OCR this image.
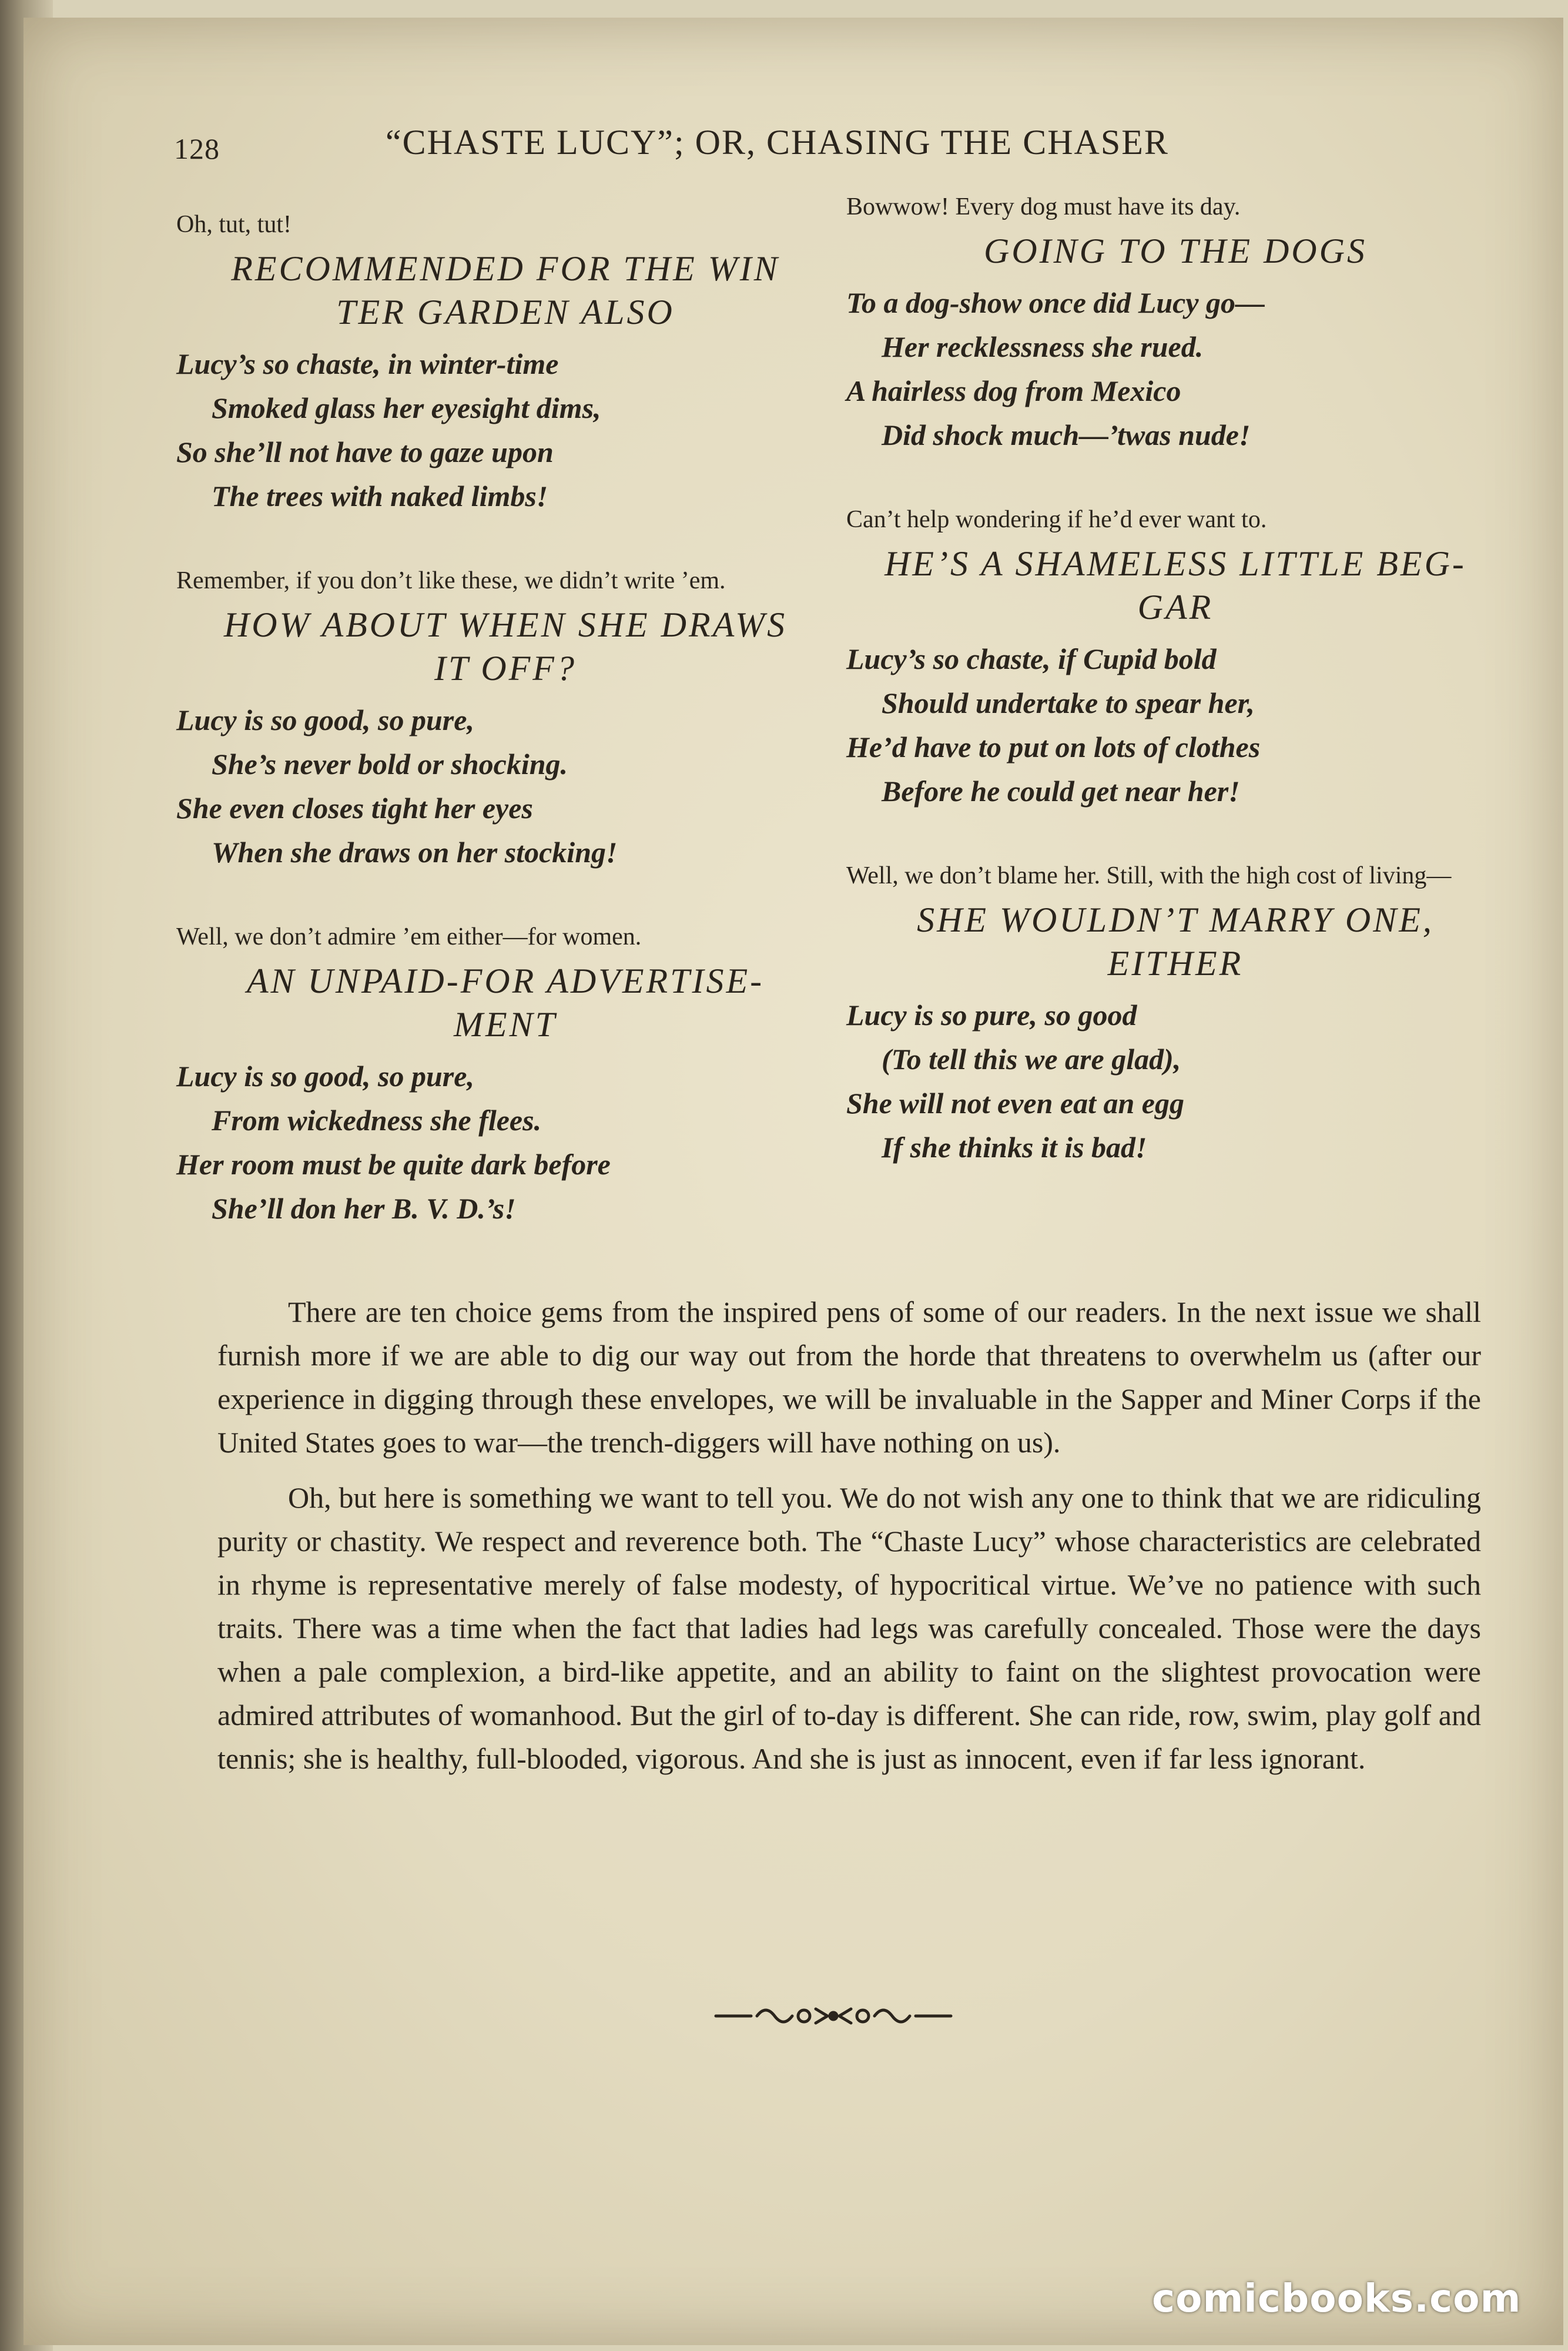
128	“CHASTE LUCY”; OR, CHASING THE CHASER

Oh, tut, tut!

RECOMMENDED FOR THE WIN
TER GARDEN ALSO
Lucy’s so chaste, in winter-time
Smoked glass her eyesight dims,
So she’ll not have to gaze upon
The trees with naked limbs!

Remember, if you don’t like these, we didn’t write ’em.

HOW ABOUT WHEN SHE DRAWS
IT OFF?
Lucy is so good, so pure,
She’s never bold or shocking.
She even closes tight her eyes
When she draws on her stocking!

Well, we don’t admire ’em either—for women.

AN UNPAID-FOR ADVERTISE-
MENT
Lucy is so good, so pure,
From wickedness she flees.
Her room must be quite dark before
She’ll don her B. V. D.’s!

Bowwow! Every dog must have its day.

GOING TO THE DOGS
To a dog-show once did Lucy go—
Her recklessness she rued.
A hairless dog from Mexico
Did shock much—’twas nude!

Can’t help wondering if he’d ever want to.

HE’S A SHAMELESS LITTLE BEG-
GAR
Lucy’s so chaste, if Cupid bold
Should undertake to spear her,
He’d have to put on lots of clothes
Before he could get near her!

Well, we don’t blame her. Still, with the high cost of living—

SHE WOULDN’T MARRY ONE,
EITHER
Lucy is so pure, so good
(To tell this we are glad),
She will not even eat an egg
If she thinks it is bad!

There are ten choice gems from the inspired pens of some of our readers. In the next issue we shall furnish more if we are able to dig our way out from the horde that threatens to overwhelm us (after our experience in digging through these envelopes, we will be invaluable in the Sapper and Miner Corps if the United States goes to war—the trench-diggers will have nothing on us).

Oh, but here is something we want to tell you. We do not wish any one to think that we are ridiculing purity or chastity. We respect and reverence both. The “Chaste Lucy” whose characteristics are celebrated in rhyme is representative merely of false modesty, of hypocritical virtue. We’ve no patience with such traits. There was a time when the fact that ladies had legs was carefully concealed. Those were the days when a pale complexion, a bird-like appetite, and an ability to faint on the slightest provocation were admired attributes of womanhood. But the girl of to-day is different. She can ride, row, swim, play golf and tennis; she is healthy, full-blooded, vigorous. And she is just as innocent, even if far less ignorant.

comicbooks.com
